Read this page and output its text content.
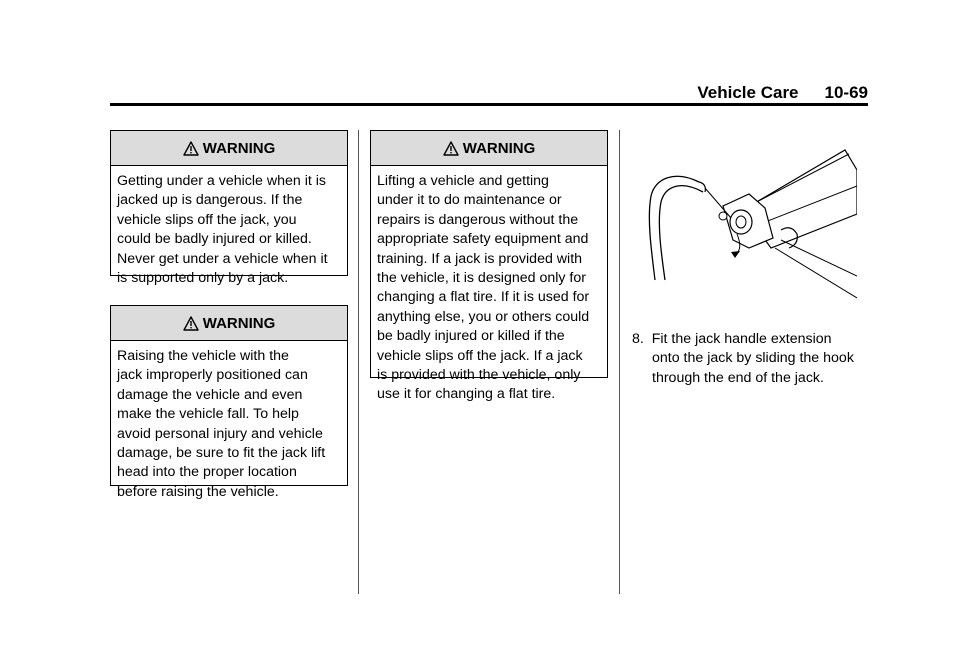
Vehicle Care 10-69
WARNING
Getting under a vehicle when it is
jacked up is dangerous. If the
vehicle slips off the jack, you
could be badly injured or killed.
Never get under a vehicle when it
is supported only by a jack.
WARNING
Raising the vehicle with the
jack improperly positioned can
damage the vehicle and even
make the vehicle fall. To help
avoid personal injury and vehicle
damage, be sure to fit the jack lift
head into the proper location
before raising the vehicle.
WARNING
Lifting a vehicle and getting
under it to do maintenance or
repairs is dangerous without the
appropriate safety equipment and
training. If a jack is provided with
the vehicle, it is designed only for
changing a flat tire. If it is used for
anything else, you or others could
be badly injured or killed if the
vehicle slips off the jack. If a jack
is provided with the vehicle, only
use it for changing a flat tire.
8. Fit the jack handle extension
onto the jack by sliding the hook
through the end of the jack.
